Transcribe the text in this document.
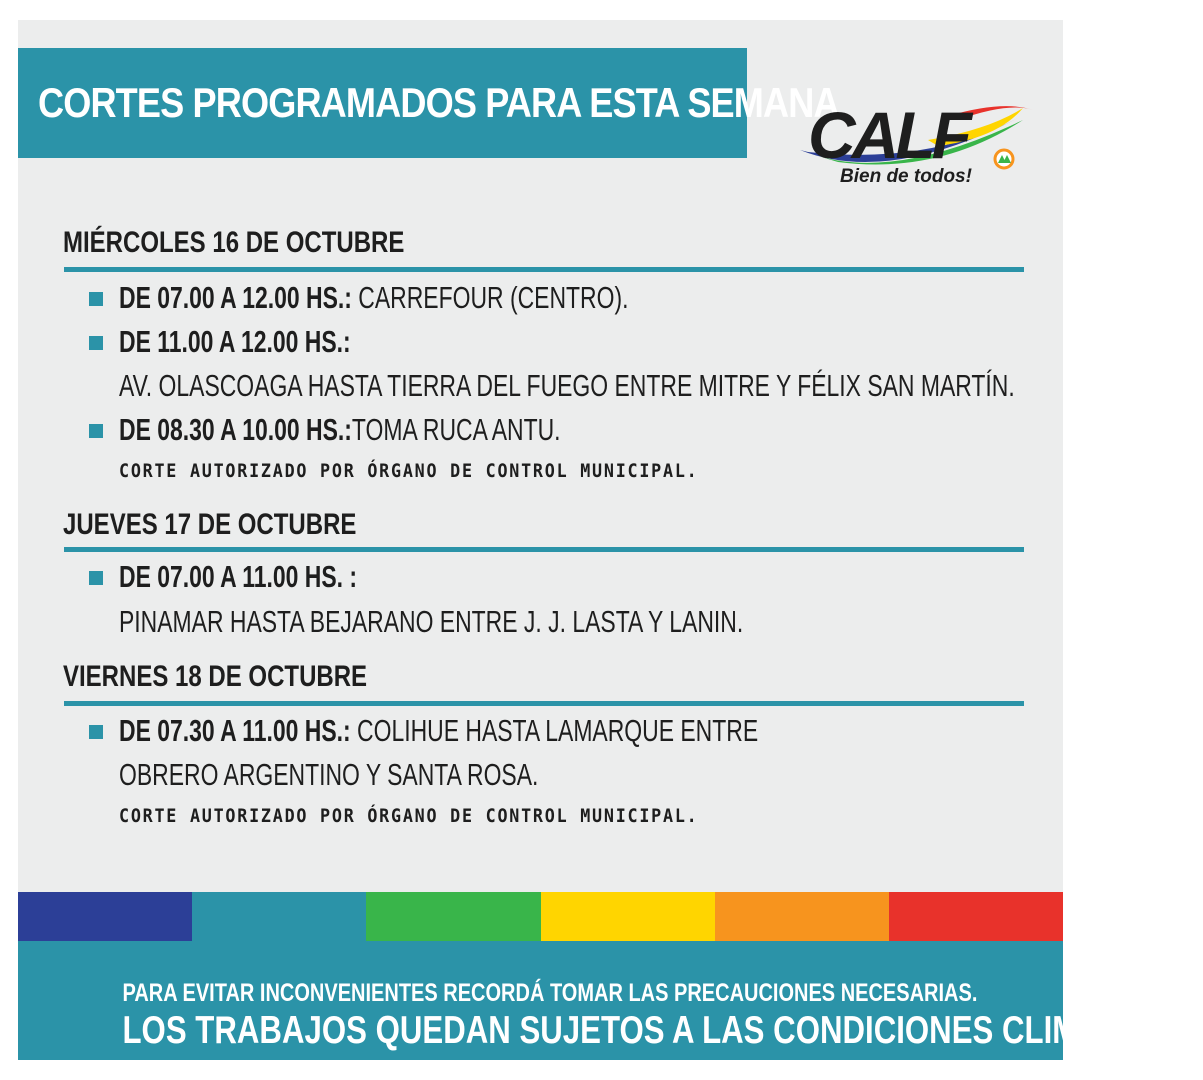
CORTES PROGRAMADOS PARA ESTA SEMANA
CALF
Bien de todos!
MIÉRCOLES 16 DE OCTUBRE
DE 07.00 A 12.00 HS.: CARREFOUR (CENTRO).
DE 11.00 A 12.00 HS.:
AV. OLASCOAGA HASTA TIERRA DEL FUEGO ENTRE MITRE Y FÉLIX SAN MARTÍN.
DE 08.30 A 10.00 HS.:TOMA RUCA ANTU.
CORTE AUTORIZADO POR ÓRGANO DE CONTROL MUNICIPAL.
JUEVES 17 DE OCTUBRE
DE 07.00 A 11.00 HS. :
PINAMAR HASTA BEJARANO ENTRE J. J. LASTA Y LANIN.
VIERNES 18 DE OCTUBRE
DE 07.30 A 11.00 HS.: COLIHUE HASTA LAMARQUE ENTRE
OBRERO ARGENTINO Y SANTA ROSA.
CORTE AUTORIZADO POR ÓRGANO DE CONTROL MUNICIPAL.
PARA EVITAR INCONVENIENTES RECORDÁ TOMAR LAS PRECAUCIONES NECESARIAS.
LOS TRABAJOS QUEDAN SUJETOS A LAS CONDICIONES CLIMÁTICAS.
